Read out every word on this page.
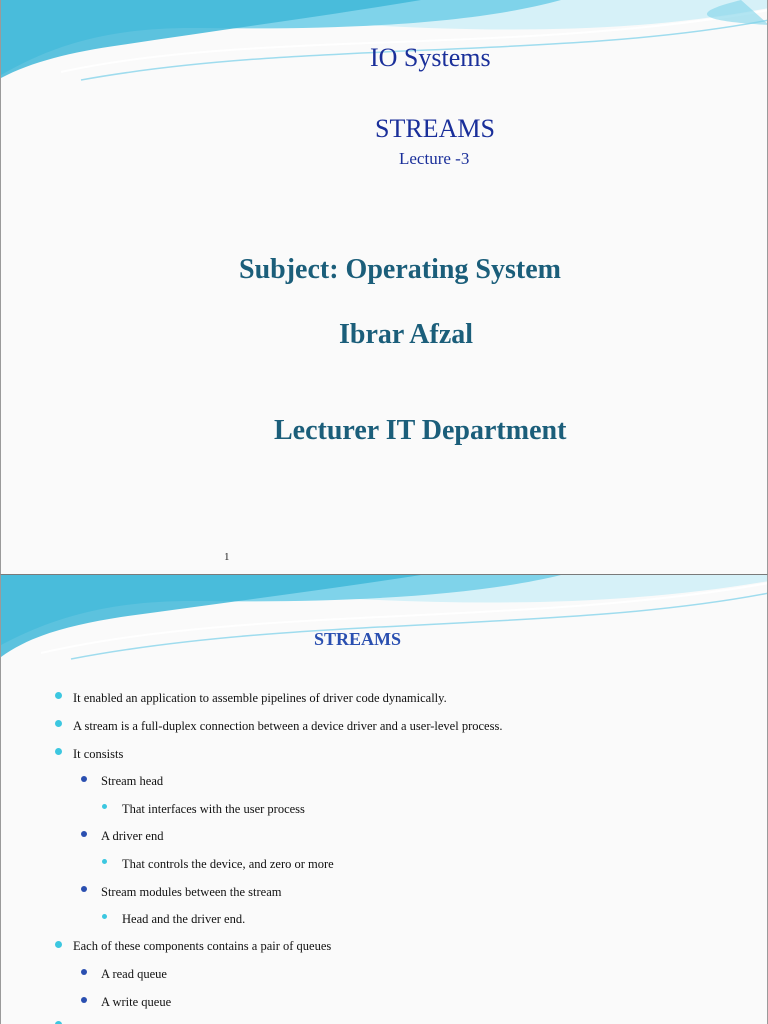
IO Systems

STREAMS

Lecture -3

Subject: Operating System

Ibrar Afzal

Lecturer IT Department

1

STREAMS

It enabled an application to assemble pipelines of driver code dynamically.

A stream is a full-duplex connection between a device driver and a user-level process.

It consists

Stream head

That interfaces with the user process

A driver end

That controls the device, and zero or more

Stream modules between the stream

Head and the driver end.

Each of these components contains a pair of queues

A read queue

A write queue
